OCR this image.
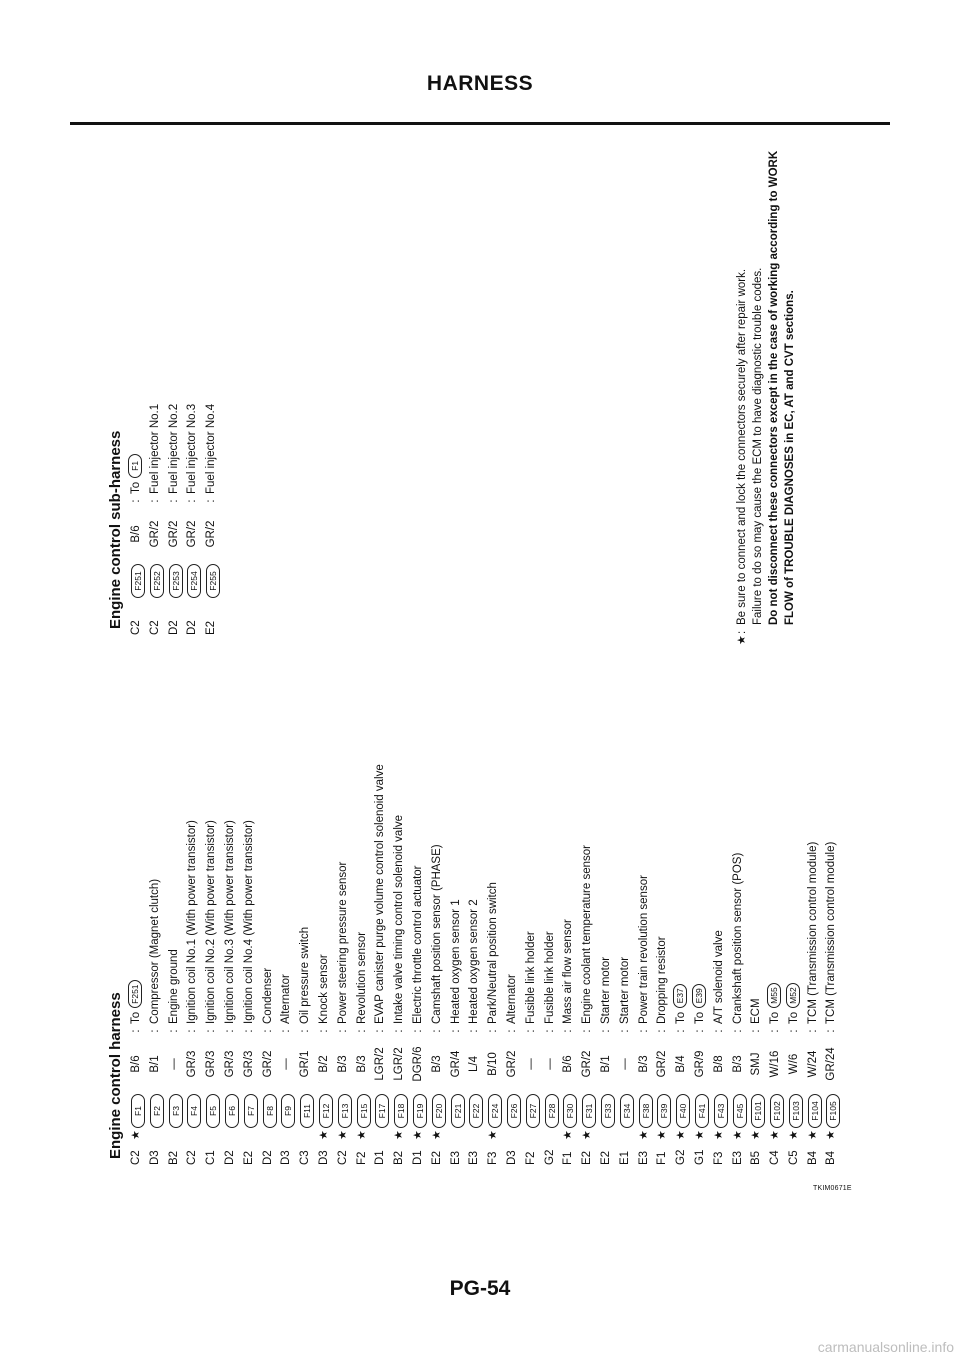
HARNESS
Engine control harness C2
★
F1
B/6
:
ToF251
D3
F2
B/1
:
Compressor (Magnet clutch)
B2
F3
—
:
Engine ground
C2
F4
GR/3
:
Ignition coil No.1 (With power transistor)
C1
F5
GR/3
:
Ignition coil No.2 (With power transistor)
D2
F6
GR/3
:
Ignition coil No.3 (With power transistor)
E2
F7
GR/3
:
Ignition coil No.4 (With power transistor)
D2
F8
GR/2
:
Condenser
D3
F9
—
:
Alternator
C3
F11
GR/1
:
Oil pressure switch
D3
★
F12
B/2
:
Knock sensor
C2
★
F13
B/3
:
Power steering pressure sensor
F2
★
F15
B/3
:
Revolution sensor
D1
F17
LGR/2
:
EVAP canister purge volume control solenoid valve
B2
★
F18
LGR/2
:
Intake valve timing control solenoid valve
D1
★
F19
DGR/6
:
Electric throttle control actuator
E2
★
F20
B/3
:
Camshaft position sensor (PHASE)
E3
F21
GR/4
:
Heated oxygen sensor 1
E3
F22
L/4
:
Heated oxygen sensor 2
F3
★
F24
B/10
:
Park/Neutral position switch
D3
F26
GR/2
:
Alternator
F2
F27
—
:
Fusible link holder
G2
F28
—
:
Fusible link holder
F1
★
F30
B/6
:
Mass air flow sensor
E2
★
F31
GR/2
:
Engine coolant temperature sensor
E2
F33
B/1
:
Starter motor
E1
F34
—
:
Starter motor
E3
★
F38
B/3
:
Power train revolution sensor
F1
★
F39
GR/2
:
Dropping resistor
G2
★
F40
B/4
:
ToE37
G1
★
F41
GR/9
:
ToE39
F3
★
F43
B/8
:
A/T solenoid valve
E3
★
F45
B/3
:
Crankshaft position sensor (POS)
B5
★
F101
SMJ
:
ECM
C4
★
F102
W/16
:
ToM55
C5
★
F103
W/6
:
ToM52
B4
★
F104
W/24
:
TCM (Transmission control module)
B4
★
F105
GR/24
:
TCM (Transmission control module)
Engine control sub-harness C2
F251
B/6
:
ToF1
C2
F252
GR/2
:
Fuel injector No.1
D2
F253
GR/2
:
Fuel injector No.2
D2
F254
GR/2
:
Fuel injector No.3
E2
F255
GR/2
:
Fuel injector No.4
★
:
Be sure to connect and lock the connectors securely after repair work. Failure to do so may cause the ECM to have diagnostic trouble codes. Do not disconnect these connectors except in the case of working according to WORK FLOW of TROUBLE DIAGNOSES in EC, AT and CVT sections.
TKIM0671E
PG-54
carmanualsonline.info
